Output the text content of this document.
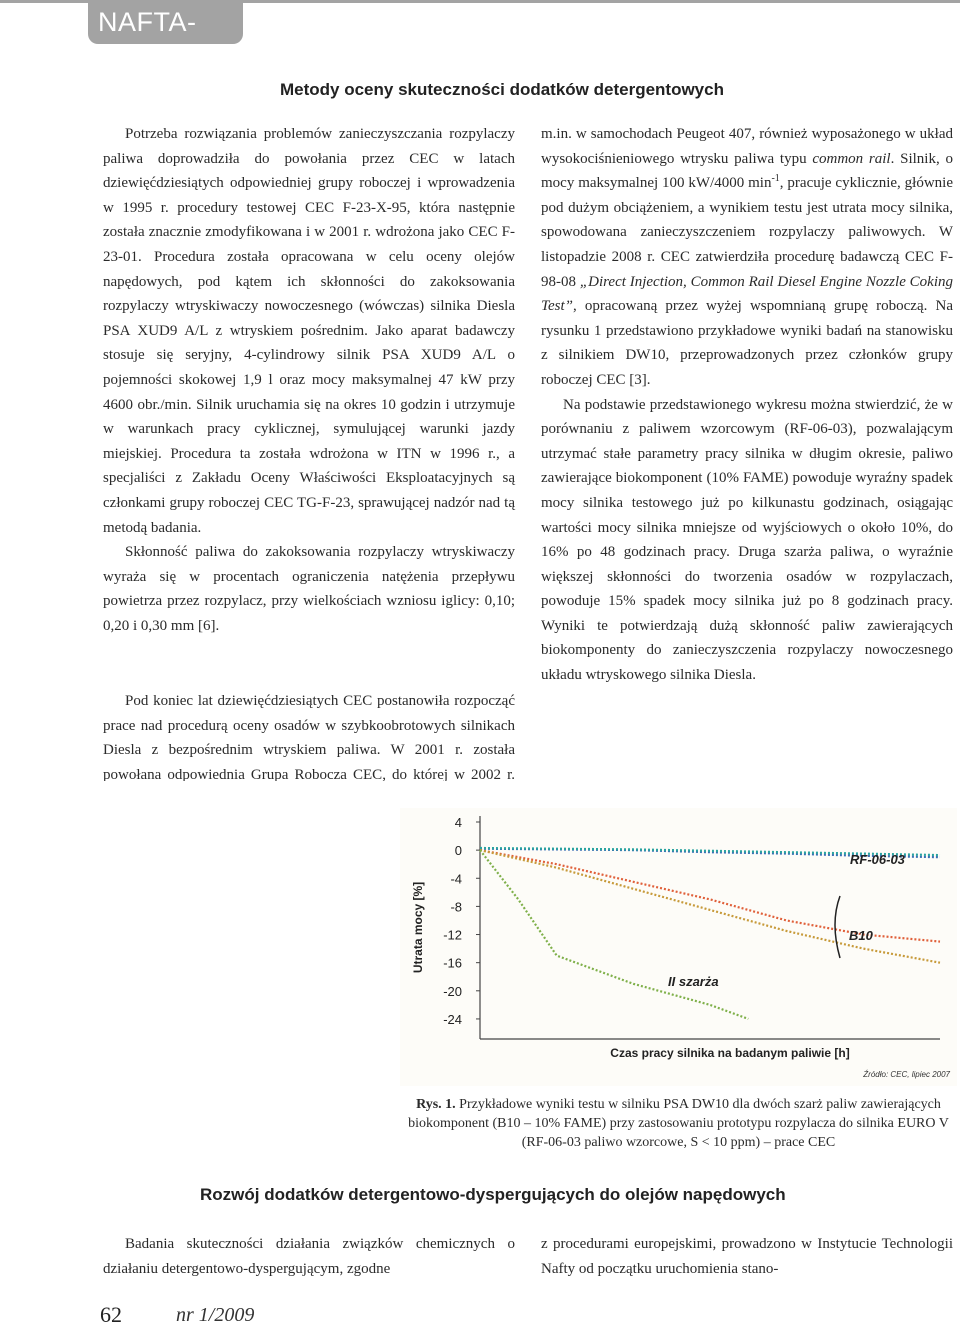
NAFTA-GAZ
Metody oceny skuteczności dodatków detergentowych

Potrzeba rozwiązania problemów zanieczyszczania rozpylaczy paliwa doprowadziła do powołania przez CEC w latach dziewięćdziesiątych odpowiedniej grupy roboczej i wprowadzenia w 1995 r. procedury testowej CEC F-23-X-95, która następnie została znacznie zmodyfikowana i w 2001 r. wdrożona jako CEC F-23-01. Procedura została opracowana w celu oceny olejów napędowych, pod kątem ich skłonności do zakoksowania rozpylaczy wtryskiwaczy nowoczesnego (wówczas) silnika Diesla PSA XUD9 A/L z wtryskiem pośrednim. Jako aparat badawczy stosuje się seryjny, 4-cylindrowy silnik PSA XUD9 A/L o pojemności skokowej 1,9 l oraz mocy maksymalnej 47 kW przy 4600 obr./min. Silnik uruchamia się na okres 10 godzin i utrzymuje w warunkach pracy cyklicznej, symulującej warunki jazdy miejskiej. Procedura ta została wdrożona w ITN w 1996 r., a specjaliści z Zakładu Oceny Właściwości Eksploatacyjnych są członkami grupy roboczej CEC TG-F-23, sprawującej nadzór nad tą metodą badania.

Skłonność paliwa do zakoksowania rozpylaczy wtryskiwaczy wyraża się w procentach ograniczenia natężenia przepływu powietrza przez rozpylacz, przy wielkościach wzniosu iglicy: 0,10; 0,20 i 0,30 mm [6].

Pod koniec lat dziewięćdziesiątych CEC postanowiła rozpocząć prace nad procedurą oceny osadów w szybkoobrotowych silnikach Diesla z bezpośrednim wtryskiem paliwa. W 2001 r. została powołana odpowiednia Grupa Robocza CEC, do której w 2002 r.

m.in. w samochodach Peugeot 407, również wyposażonego w układ wysokociśnieniowego wtrysku paliwa typu common rail. Silnik, o mocy maksymalnej 100 kW/4000 $\min^{-1}$, pracuje cyklicznie, głównie pod dużym obciążeniem, a wynikiem testu jest utrata mocy silnika, spowodowana zanieczyszczeniem rozpylaczy paliwowych. W listopadzie 2008 r. CEC zatwierdziła procedurę badawczą CEC F-98-08 „Direct Injection, Common Rail Diesel Engine Nozzle Coking Test”, opracowaną przez wyżej wspomnianą grupę roboczą. Na rysunku 1 przedstawiono przykładowe wyniki badań na stanowisku z silnikiem DW10, przeprowadzonych przez członków grupy roboczej CEC [3].

Na podstawie przedstawionego wykresu można stwierdzić, że w porównaniu z paliwem wzorcowym (RF-06-03), pozwalającym utrzymać stałe parametry pracy silnika w długim okresie, paliwo zawierające biokomponent (10% FAME) powoduje wyraźny spadek mocy silnika testowego już po kilkunastu godzinach, osiągając wartości mocy silnika mniejsze od wyjściowych o około 10%, do 16% po 48 godzinach pracy. Druga szarża paliwa, o wyraźnie większej skłonności do tworzenia osadów w rozpylaczach, powoduje 15% spadek mocy silnika już po 8 godzinach pracy. Wyniki te potwierdzają dużą skłonność paliw zawierających biokomponenty do zanieczyszczenia rozpylaczy nowoczesnego układu wtryskowego silnika Diesla.

4
0
-4
-8
-12
-16
-20
-24
Utrata mocy [%]
Czas pracy silnika na badanym paliwie [h]
Źródło: CEC, lipiec 2007
RF-06-03
B10
II szarża
Rys. 1. Przykładowe wyniki testu w silniku PSA DW10 dla dwóch szarż paliw zawierających biokomponent (B10 – 10% FAME) przy zastosowaniu prototypu rozpylacza do silnika EURO V (RF-06-03 paliwo wzorcowe, S < 10 ppm) – prace CEC
Rozwój dodatków detergentowo-dyspergujących do olejów napędowych

Badania skuteczności działania związków chemicznych o działaniu detergentowo-dyspergującym, zgodne

z procedurami europejskimi, prowadzono w Instytucie Technologii Nafty od początku uruchomienia stano-

62	nr 1/2009
